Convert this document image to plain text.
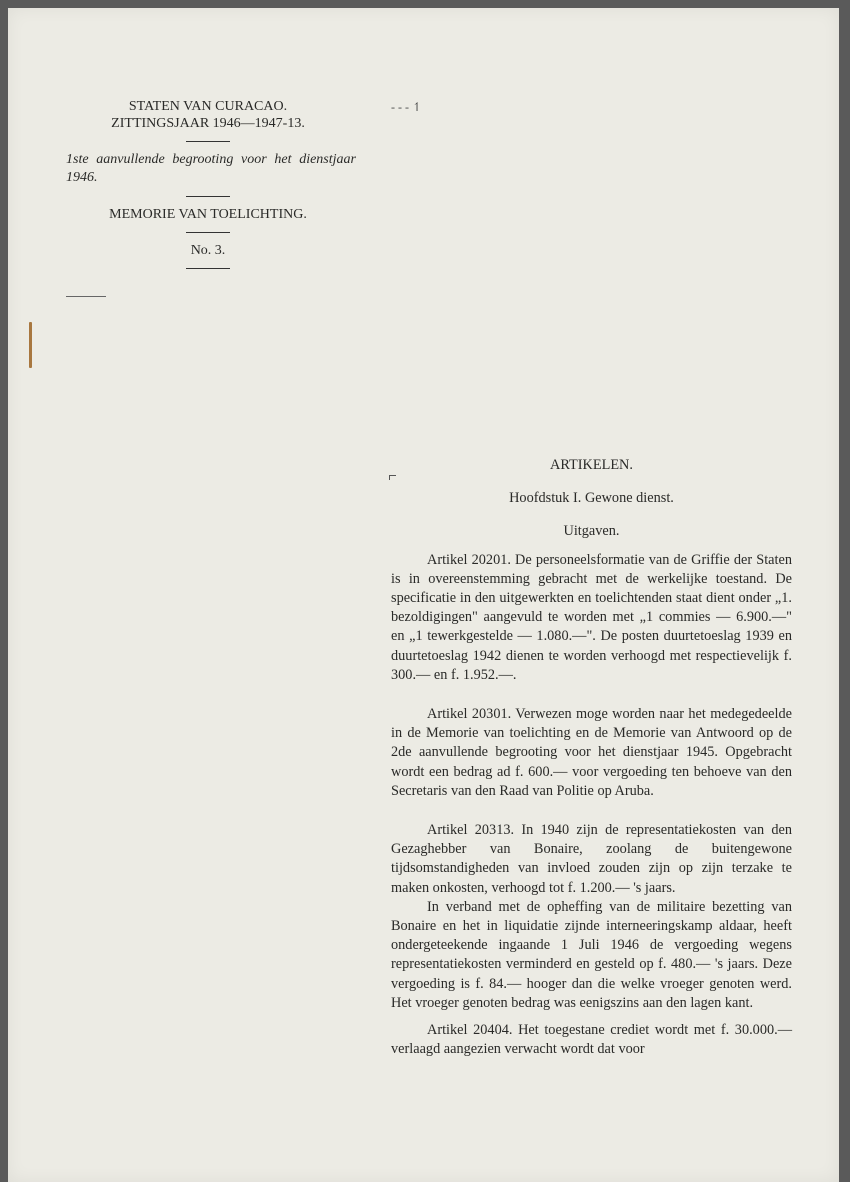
STATEN VAN CURACAO.

ZITTINGSJAAR 1946—1947-13.

1ste aanvullende begrooting voor het dienstjaar 1946.

MEMORIE VAN TOELICHTING.

No. 3.

- - - ↿
ARTIKELEN.
Hoofdstuk I. Gewone dienst.
Uitgaven.

Artikel 20201. De personeelsformatie van de Griffie der Staten is in overeenstemming gebracht met de werkelijke toestand. De specificatie in den uitgewerkten en toelichtenden staat dient onder „1. bezoldigingen" aangevuld te worden met „1 commies — 6.900.—" en „1 tewerkgestelde — 1.080.—". De posten duurtetoeslag 1939 en duurtetoeslag 1942 dienen te worden verhoogd met respectievelijk f. 300.— en f. 1.952.—.

Artikel 20301. Verwezen moge worden naar het medegedeelde in de Memorie van toelichting en de Memorie van Antwoord op de 2de aanvullende begrooting voor het dienstjaar 1945. Opgebracht wordt een bedrag ad f. 600.— voor vergoeding ten behoeve van den Secretaris van den Raad van Politie op Aruba.

Artikel 20313. In 1940 zijn de representatiekosten van den Gezaghebber van Bonaire, zoolang de buitengewone tijdsomstandigheden van invloed zouden zijn op zijn terzake te maken onkosten, verhoogd tot f. 1.200.— 's jaars.

In verband met de opheffing van de militaire bezetting van Bonaire en het in liquidatie zijnde interneeringskamp aldaar, heeft ondergeteekende ingaande 1 Juli 1946 de vergoeding wegens representatiekosten verminderd en gesteld op f. 480.— 's jaars. Deze vergoeding is f. 84.— hooger dan die welke vroeger genoten werd. Het vroeger genoten bedrag was eenigszins aan den lagen kant.

Artikel 20404. Het toegestane crediet wordt met f. 30.000.— verlaagd aangezien verwacht wordt dat voor
